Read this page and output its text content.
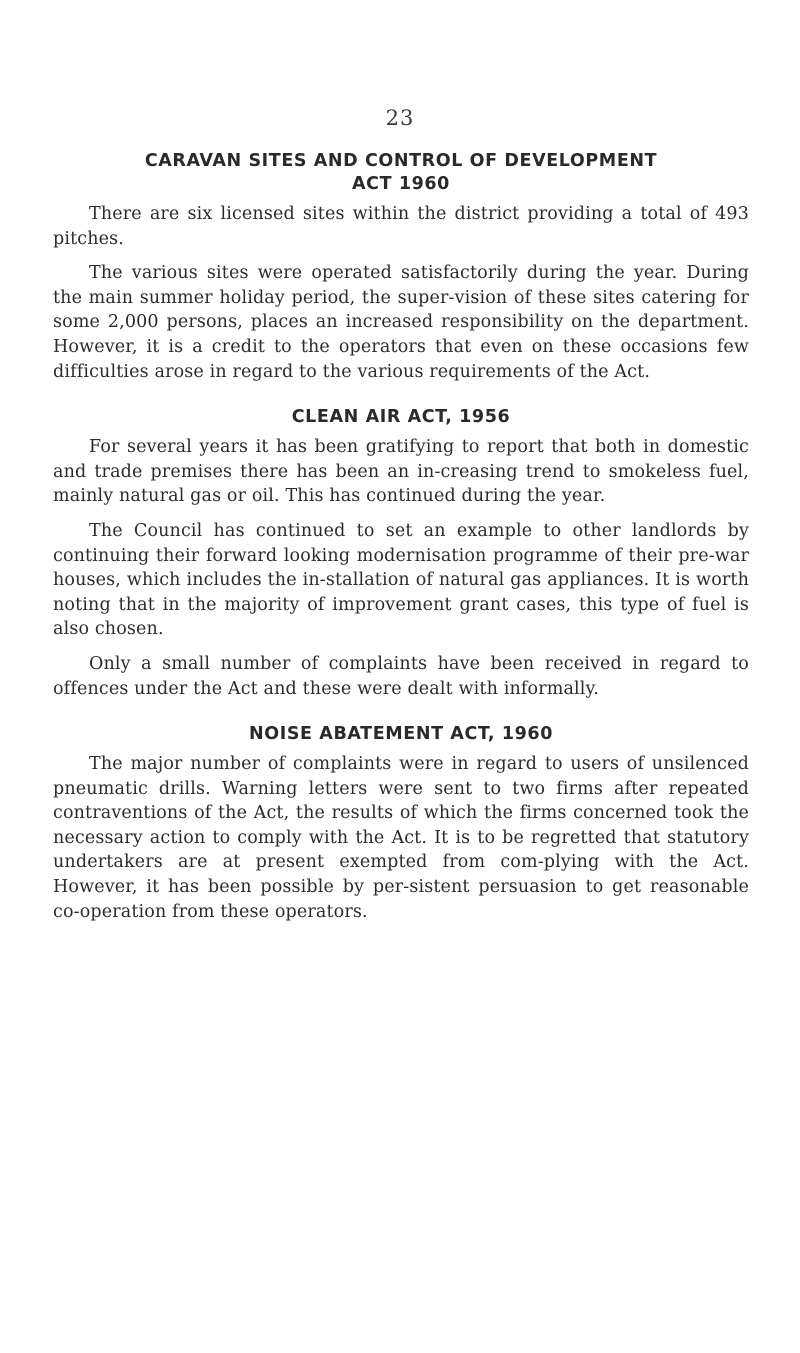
23
CARAVAN SITES AND CONTROL OF DEVELOPMENT
ACT 1960

There are six licensed sites within the district providing a total of 493 pitches.

The various sites were operated satisfactorily during the year. During the main summer holiday period, the super-vision of these sites catering for some 2,000 persons, places an increased responsibility on the department. However, it is a credit to the operators that even on these occasions few difficulties arose in regard to the various requirements of the Act.

CLEAN AIR ACT, 1956

For several years it has been gratifying to report that both in domestic and trade premises there has been an in-creasing trend to smokeless fuel, mainly natural gas or oil. This has continued during the year.

The Council has continued to set an example to other landlords by continuing their forward looking modernisation programme of their pre-war houses, which includes the in-stallation of natural gas appliances. It is worth noting that in the majority of improvement grant cases, this type of fuel is also chosen.

Only a small number of complaints have been received in regard to offences under the Act and these were dealt with informally.

NOISE ABATEMENT ACT, 1960

The major number of complaints were in regard to users of unsilenced pneumatic drills. Warning letters were sent to two firms after repeated contraventions of the Act, the results of which the firms concerned took the necessary action to comply with the Act. It is to be regretted that statutory undertakers are at present exempted from com-plying with the Act. However, it has been possible by per-sistent persuasion to get reasonable co-operation from these operators.
